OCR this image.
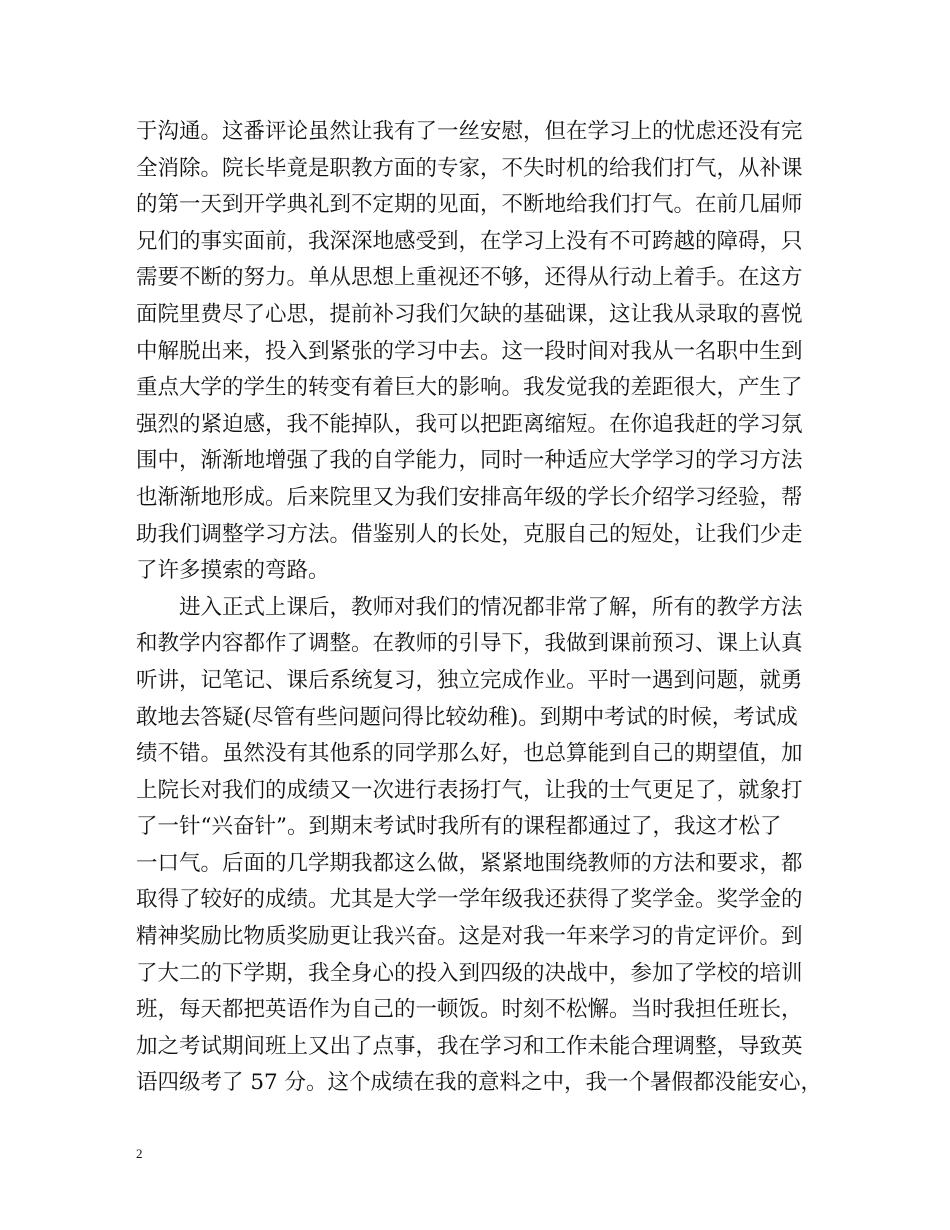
于沟通。这番评论虽然让我有了一丝安慰，但在学习上的忧虑还没有完
全消除。院长毕竟是职教方面的专家，不失时机的给我们打气，从补课
的第一天到开学典礼到不定期的见面，不断地给我们打气。在前几届师
兄们的事实面前，我深深地感受到，在学习上没有不可跨越的障碍，只
需要不断的努力。单从思想上重视还不够，还得从行动上着手。在这方
面院里费尽了心思，提前补习我们欠缺的基础课，这让我从录取的喜悦
中解脱出来，投入到紧张的学习中去。这一段时间对我从一名职中生到
重点大学的学生的转变有着巨大的影响。我发觉我的差距很大，产生了
强烈的紧迫感，我不能掉队，我可以把距离缩短。在你追我赶的学习氛
围中，渐渐地增强了我的自学能力，同时一种适应大学学习的学习方法
也渐渐地形成。后来院里又为我们安排高年级的学长介绍学习经验，帮
助我们调整学习方法。借鉴别人的长处，克服自己的短处，让我们少走
了许多摸索的弯路。
　　进入正式上课后，教师对我们的情况都非常了解，所有的教学方法
和教学内容都作了调整。在教师的引导下，我做到课前预习、课上认真
听讲，记笔记、课后系统复习，独立完成作业。平时一遇到问题，就勇
敢地去答疑(尽管有些问题问得比较幼稚)。到期中考试的时候，考试成
绩不错。虽然没有其他系的同学那么好，也总算能到自己的期望值，加
上院长对我们的成绩又一次进行表扬打气，让我的士气更足了，就象打
了一针“兴奋针”。到期末考试时我所有的课程都通过了，我这才松了
一口气。后面的几学期我都这么做，紧紧地围绕教师的方法和要求，都
取得了较好的成绩。尤其是大学一学年级我还获得了奖学金。奖学金的
精神奖励比物质奖励更让我兴奋。这是对我一年来学习的肯定评价。到
了大二的下学期，我全身心的投入到四级的决战中，参加了学校的培训
班，每天都把英语作为自己的一顿饭。时刻不松懈。当时我担任班长，
加之考试期间班上又出了点事，我在学习和工作未能合理调整，导致英
语四级考了 57 分。这个成绩在我的意料之中，我一个暑假都没能安心，
2
